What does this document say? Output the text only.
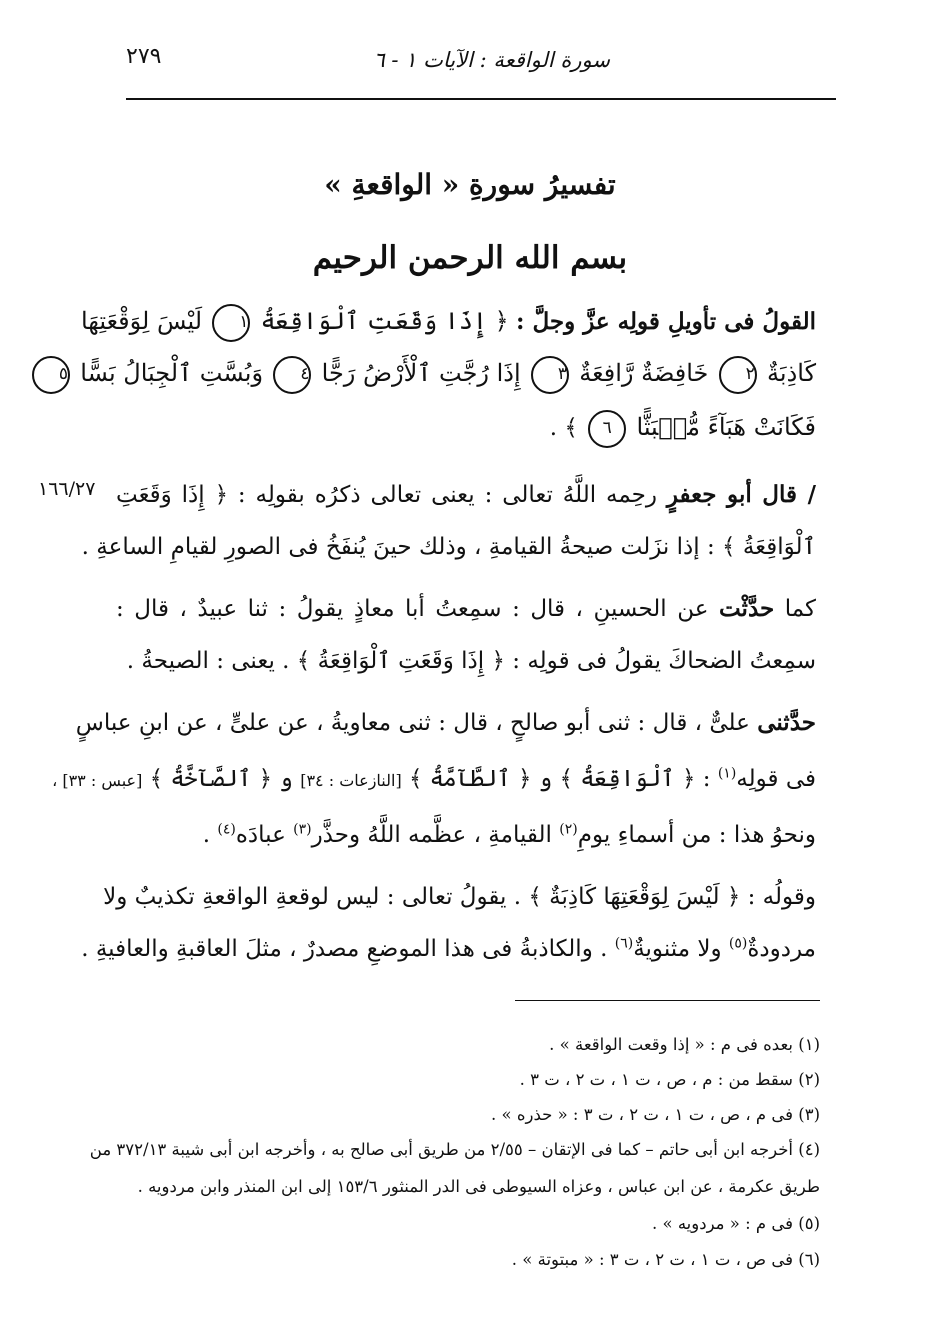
سورة الواقعة : الآيات ١ - ٦
٢٧٩
تفسيرُ سورةِ « الواقعةِ »
بسم الله الرحمن الرحيم
القولُ فى تأويلِ قولِه عزَّ وجلَّ : ﴿ إِذَا وَقَعَتِ ٱلْوَاقِعَةُ ١ لَيْسَ لِوَقْعَتِهَا
كَاذِبَةٌ ٢ خَافِضَةٌ رَّافِعَةٌ ٣ إِذَا رُجَّتِ ٱلْأَرْضُ رَجًّا ٤ وَبُسَّتِ ٱلْجِبَالُ بَسًّا ٥
فَكَانَتْ هَبَآءً مُّنۢبَثًّا ٦ ﴾ .
١٦٦/٢٧	/ قال أبو جعفرٍ رحِمه اللَّهُ تعالى : يعنى تعالى ذكرُه بقولِه : ﴿ إِذَا وَقَعَتِ
ٱلْوَاقِعَةُ ﴾ : إذا نزَلت صيحةُ القيامةِ ، وذلك حينَ يُنفَخُ فى الصورِ لقيامِ الساعةِ .
كما حدَّثْت عن الحسينِ ، قال : سمِعتُ أبا معاذٍ يقولُ : ثنا عبيدٌ ، قال :
سمِعتُ الضحاكَ يقولُ فى قولِه : ﴿ إِذَا وَقَعَتِ ٱلْوَاقِعَةُ ﴾ . يعنى : الصيحةُ .
حدَّثنى علىٌّ ، قال : ثنى أبو صالحٍ ، قال : ثنى معاويةُ ، عن علىٍّ ، عن ابنِ عباسٍ
فى قولِه$^{(١)}$ : ﴿ ٱلْوَاقِعَةُ ﴾ و ﴿ ٱلطَّآمَّةُ ﴾ [النازعات : ٣٤] و ﴿ ٱلصَّآخَّةُ ﴾ [عبس : ٣٣] ،
ونحوُ هذا : من أسماءِ يومِ$^{(٢)}$ القيامةِ ، عظَّمه اللَّهُ وحذَّر$^{(٣)}$ عبادَه$^{(٤)}$ .
وقولُه : ﴿ لَيْسَ لِوَقْعَتِهَا كَاذِبَةٌ ﴾ . يقولُ تعالى : ليس لوقعةِ الواقعةِ تكذيبٌ ولا
مردودةٌ$^{(٥)}$ ولا مثنويةٌ$^{(٦)}$ . والكاذبةُ فى هذا الموضعِ مصدرٌ ، مثلَ العاقبةِ والعافيةِ .
(١) بعده فى م : « إذا وقعت الواقعة » .
(٢) سقط من : م ، ص ، ت ١ ، ت ٢ ، ت ٣ .
(٣) فى م ، ص ، ت ١ ، ت ٢ ، ت ٣ : « حذره » .
(٤) أخرجه ابن أبى حاتم – كما فى الإتقان – ٢/٥٥ من طريق أبى صالح به ، وأخرجه ابن أبى شيبة ٣٧٢/١٣ من
طريق عكرمة ، عن ابن عباس ، وعزاه السيوطى فى الدر المنثور ١٥٣/٦ إلى ابن المنذر وابن مردويه .
(٥) فى م : « مردويه » .
(٦) فى ص ، ت ١ ، ت ٢ ، ت ٣ : « مبتوتة » .
